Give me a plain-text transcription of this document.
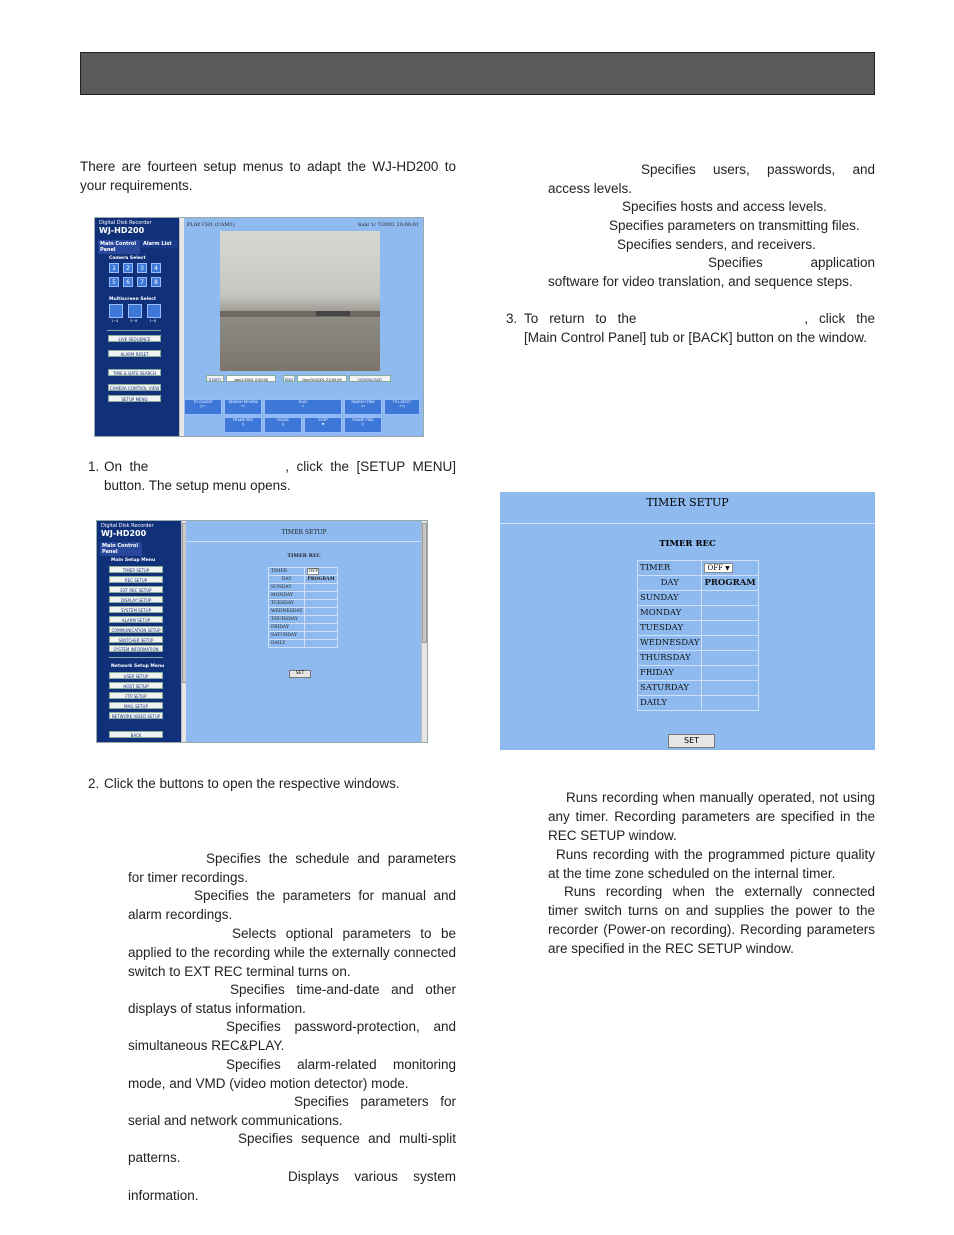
There are fourteen setup menus to adapt the WJ-HD200 to your requirements.

Digital Disk Recorder
WJ-HD200
Main Control Panel
Alarm List
Camera Select
1	2	3	4
5	6	7	8
Multiscreen Select
1~4	5~8	1~8
LIVE SEQUENCE
ALARM RESET
TIME & DATE SEARCH
CAMERA CONTROL VIEW
SETUP MENU
PLAY CH1 (CAM1)	Sun/ 1/ 7/2001 20:00:01
START	Jan/1/2001 0:00:00	END	Dec/31/2001 23:59:59	DOWNLOAD
TO OLDEST
|<<
SEARCH REVIEW
<<
PLAY
>
SEARCH FWD
>>
TO LATEST
>>|
FRAME REV
<|
PAUSE
||
STOP
■
FRAME FWD
|>

1. On the	, click the [SETUP MENU] button. The setup menu opens.

Digital Disk Recorder
WJ-HD200
Main Control Panel
Main Setup Menu
TIMER SETUP
REC SETUP
EXT REC SETUP
DISPLAY SETUP
SYSTEM SETUP
ALARM SETUP
COMMUNICATION SETUP
SWITCHER SETUP
SYSTEM INFORMATION
Network Setup Menu
USER SETUP
HOST SETUP
FTP SETUP
MAIL SETUP
NETWORK VIDEO SETUP
BACK
TIMER SETUP
TIMER REC
TIMER	OFF
DAY	PROGRAM
SUNDAY	
MONDAY	
TUESDAY	
WEDNESDAY	
THURSDAY	
FRIDAY	
SATURDAY	
DAILY	
SET

2. Click the buttons to open the respective windows.

Specifies the schedule and parameters for timer recordings.

Specifies the parameters for manual and alarm recordings.

Selects optional parameters to be applied to the recording while the externally connected switch to EXT REC terminal turns on.

Specifies time-and-date and other displays of status information.

Specifies password-protection, and simultaneous REC&PLAY.

Specifies alarm-related monitoring mode, and VMD (video motion detector) mode.

Specifies parameters for serial and network communications.

Specifies sequence and multi-split patterns.

Displays various system information.

Specifies users, passwords, and access levels.

Specifies hosts and access levels.

Specifies parameters on transmitting files.

Specifies senders, and receivers.

Specifies application software for video translation, and sequence steps.

3. To return to the	, click the [Main Control Panel] tub or [BACK] button on the window.

TIMER SETUP
TIMER REC
TIMER	OFF ▼
DAY	PROGRAM
SUNDAY	
MONDAY	
TUESDAY	
WEDNESDAY	
THURSDAY	
FRIDAY	
SATURDAY	
DAILY	
SET

Runs recording when manually operated, not using any timer. Recording parameters are specified in the REC SETUP window.

Runs recording with the programmed picture quality at the time zone scheduled on the internal timer.

Runs recording when the externally connected timer switch turns on and supplies the power to the recorder (Power-on recording). Recording parameters are specified in the REC SETUP window.
